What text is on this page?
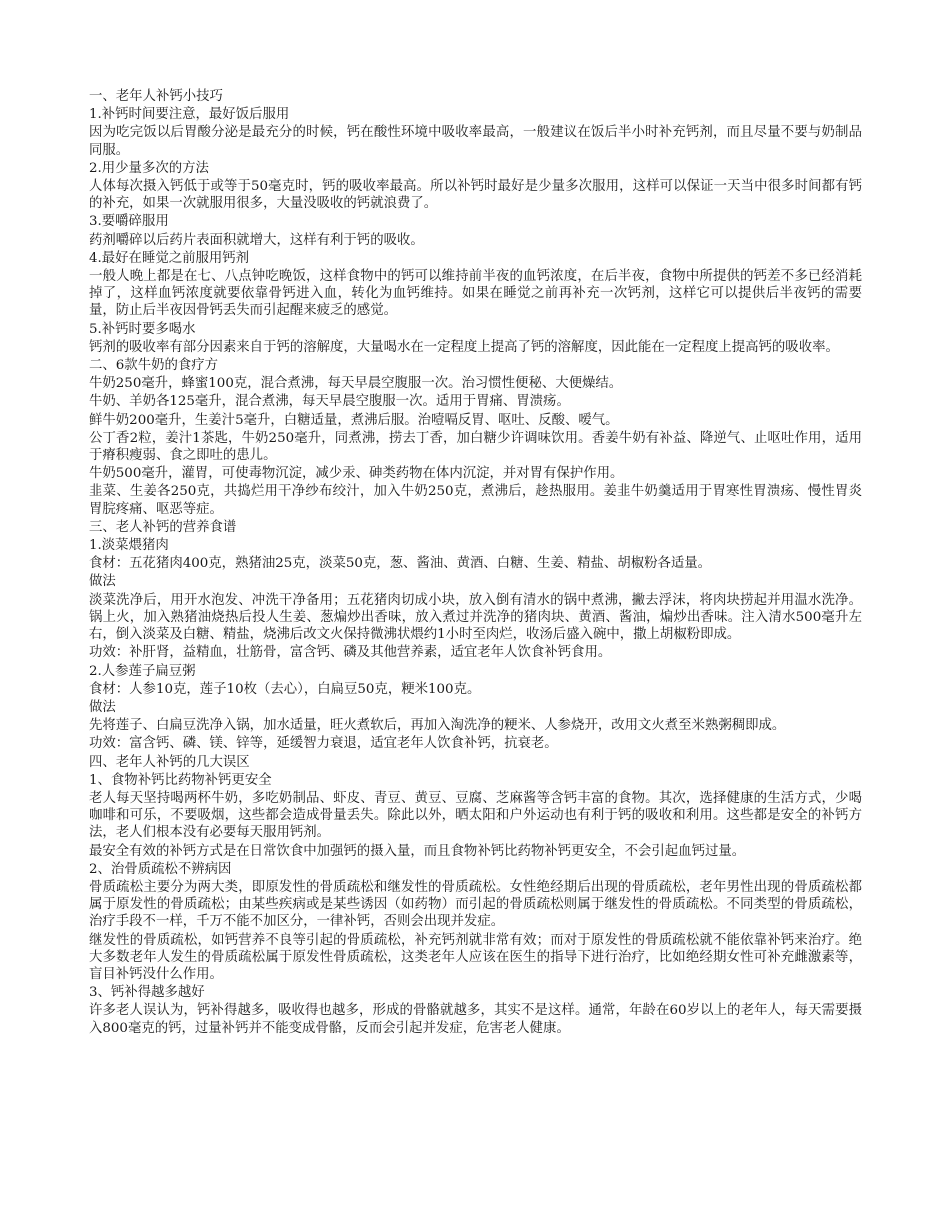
一、老年人补钙小技巧

1.补钙时间要注意，最好饭后服用

因为吃完饭以后胃酸分泌是最充分的时候，钙在酸性环境中吸收率最高，一般建议在饭后半小时补充钙剂，而且尽量不要与奶制品同服。

2.用少量多次的方法

人体每次摄入钙低于或等于50毫克时，钙的吸收率最高。所以补钙时最好是少量多次服用，这样可以保证一天当中很多时间都有钙的补充，如果一次就服用很多，大量没吸收的钙就浪费了。

3.要嚼碎服用

药剂嚼碎以后药片表面积就增大，这样有利于钙的吸收。

4.最好在睡觉之前服用钙剂

一般人晚上都是在七、八点钟吃晚饭，这样食物中的钙可以维持前半夜的血钙浓度，在后半夜，食物中所提供的钙差不多已经消耗掉了，这样血钙浓度就要依靠骨钙进入血，转化为血钙维持。如果在睡觉之前再补充一次钙剂，这样它可以提供后半夜钙的需要量，防止后半夜因骨钙丢失而引起醒来疲乏的感觉。

5.补钙时要多喝水

钙剂的吸收率有部分因素来自于钙的溶解度，大量喝水在一定程度上提高了钙的溶解度，因此能在一定程度上提高钙的吸收率。

二、6款牛奶的食疗方

牛奶250毫升，蜂蜜100克，混合煮沸，每天早晨空腹服一次。治习惯性便秘、大便燥结。

牛奶、羊奶各125毫升，混合煮沸，每天早晨空腹服一次。适用于胃痛、胃溃疡。

鲜牛奶200毫升，生姜汁5毫升，白糖适量，煮沸后服。治噎嗝反胃、呕吐、反酸、嗳气。

公丁香2粒，姜汁1茶匙，牛奶250毫升，同煮沸，捞去丁香，加白糖少许调味饮用。香姜牛奶有补益、降逆气、止呕吐作用，适用于瘠积瘦弱、食之即吐的患儿。

牛奶500毫升，灌胃，可使毒物沉淀，减少汞、砷类药物在体内沉淀，并对胃有保护作用。

韭菜、生姜各250克，共捣烂用干净纱布绞汁，加入牛奶250克，煮沸后，趁热服用。姜韭牛奶羹适用于胃寒性胃溃疡、慢性胃炎胃脘疼痛、呕恶等症。

三、老人补钙的营养食谱

1.淡菜煨猪肉

食材：五花猪肉400克，熟猪油25克，淡菜50克，葱、酱油、黄酒、白糖、生姜、精盐、胡椒粉各适量。

做法

淡菜洗净后，用开水泡发、冲洗干净备用；五花猪肉切成小块，放入倒有清水的锅中煮沸，撇去浮沫，将肉块捞起并用温水洗净。锅上火，加入熟猪油烧热后投人生姜、葱煸炒出香味，放入煮过并洗净的猪肉块、黄酒、酱油，煸炒出香味。注入清水500毫升左右，倒入淡菜及白糖、精盐，烧沸后改文火保持微沸状煨约1小时至肉烂，收汤后盛入碗中，撒上胡椒粉即成。

功效：补肝肾，益精血，壮筋骨，富含钙、磷及其他营养素，适宜老年人饮食补钙食用。

2.人参莲子扁豆粥

食材：人参10克，莲子10枚（去心），白扁豆50克，粳米100克。

做法

先将莲子、白扁豆洗净入锅，加水适量，旺火煮软后，再加入淘洗净的粳米、人参烧开，改用文火煮至米熟粥稠即成。

功效：富含钙、磷、镁、锌等，延缓智力衰退，适宜老年人饮食补钙，抗衰老。

四、老年人补钙的几大误区

1、食物补钙比药物补钙更安全

老人每天坚持喝两杯牛奶，多吃奶制品、虾皮、青豆、黄豆、豆腐、芝麻酱等含钙丰富的食物。其次，选择健康的生活方式，少喝咖啡和可乐，不要吸烟，这些都会造成骨量丢失。除此以外，晒太阳和户外运动也有利于钙的吸收和利用。这些都是安全的补钙方法，老人们根本没有必要每天服用钙剂。

最安全有效的补钙方式是在日常饮食中加强钙的摄入量，而且食物补钙比药物补钙更安全，不会引起血钙过量。

2、治骨质疏松不辨病因

骨质疏松主要分为两大类，即原发性的骨质疏松和继发性的骨质疏松。女性绝经期后出现的骨质疏松，老年男性出现的骨质疏松都属于原发性的骨质疏松；由某些疾病或是某些诱因（如药物）而引起的骨质疏松则属于继发性的骨质疏松。不同类型的骨质疏松，治疗手段不一样，千万不能不加区分，一律补钙，否则会出现并发症。

继发性的骨质疏松，如钙营养不良等引起的骨质疏松，补充钙剂就非常有效；而对于原发性的骨质疏松就不能依靠补钙来治疗。绝大多数老年人发生的骨质疏松属于原发性骨质疏松，这类老年人应该在医生的指导下进行治疗，比如绝经期女性可补充雌激素等，盲目补钙没什么作用。

3、钙补得越多越好

许多老人误认为，钙补得越多，吸收得也越多，形成的骨骼就越多，其实不是这样。通常，年龄在60岁以上的老年人，每天需要摄入800毫克的钙，过量补钙并不能变成骨骼，反而会引起并发症，危害老人健康。
